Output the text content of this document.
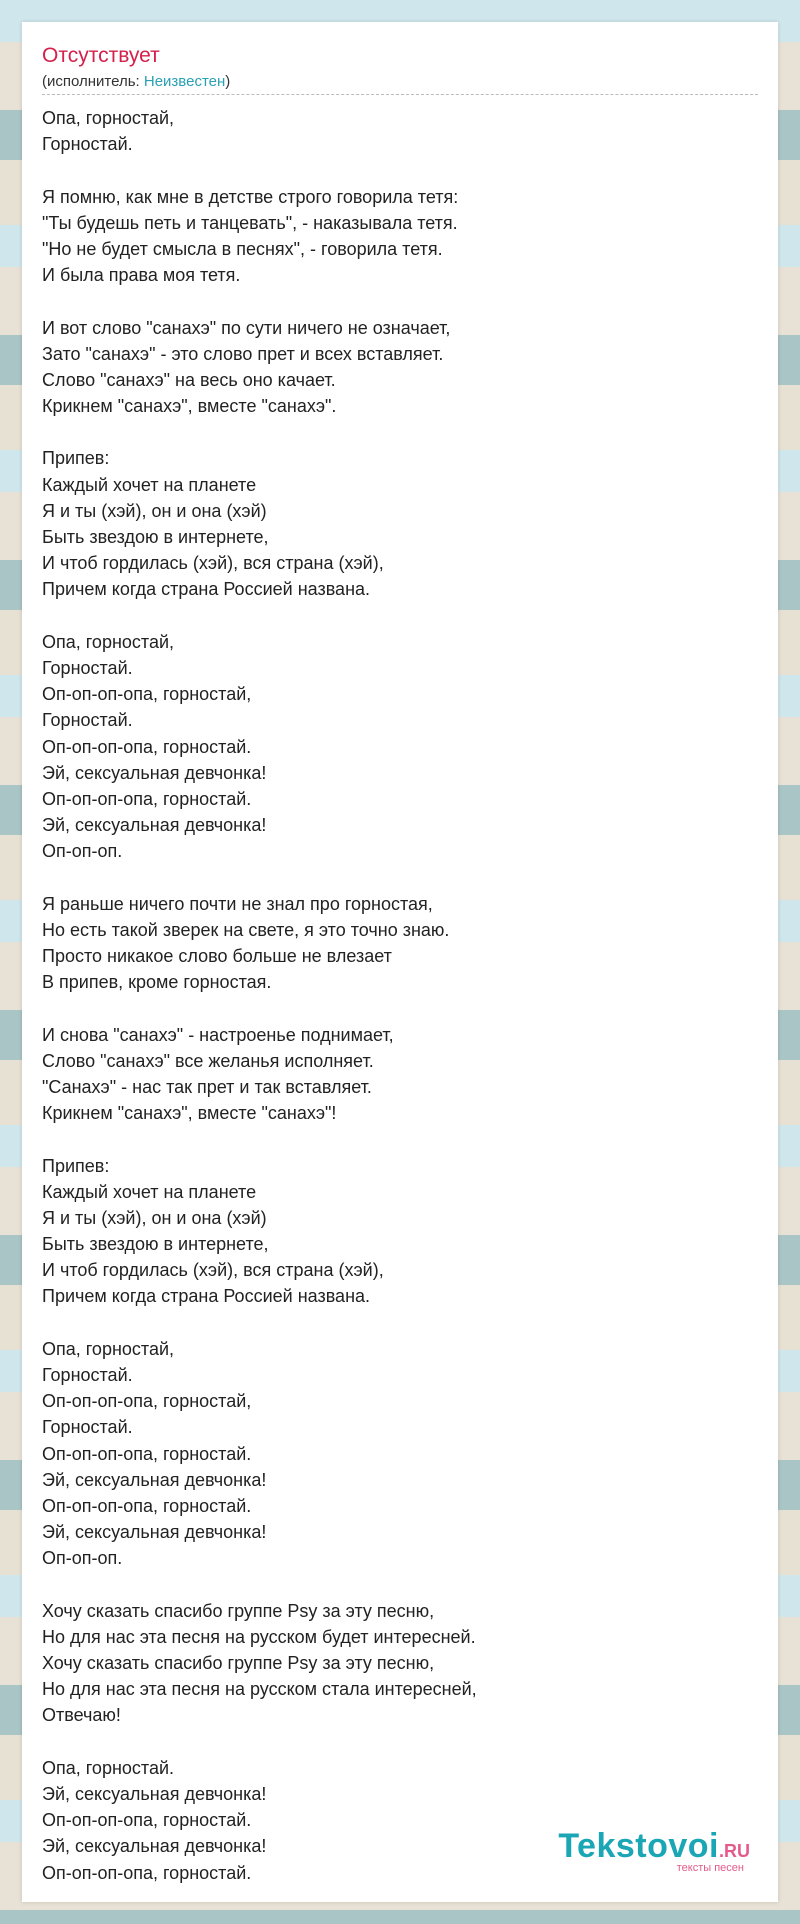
Отсутствует
(исполнитель: Неизвестен)
Опа, горностай,
Горностай.
Я помню, как мне в детстве строго говорила тетя:
"Ты будешь петь и танцевать", - наказывала тетя.
"Но не будет смысла в песнях", - говорила тетя.
И была права моя тетя.
И вот слово "санахэ" по сути ничего не означает,
Зато "санахэ" - это слово прет и всех вставляет.
Слово "санахэ" на весь оно качает.
Крикнем "санахэ", вместе "санахэ".
Припев:
Каждый хочет на планете
Я и ты (хэй), он и она (хэй)
Быть звездою в интернете,
И чтоб гордилась (хэй), вся страна (хэй),
Причем когда страна Россией названа.
Опа, горностай,
Горностай.
Оп-оп-оп-опа, горностай,
Горностай.
Оп-оп-оп-опа, горностай.
Эй, сексуальная девчонка!
Оп-оп-оп-опа, горностай.
Эй, сексуальная девчонка!
Оп-оп-оп.
Я раньше ничего почти не знал про горностая,
Но есть такой зверек на свете, я это точно знаю.
Просто никакое слово больше не влезает
В припев, кроме горностая.
И снова "санахэ" - настроенье поднимает,
Слово "санахэ" все желанья исполняет.
"Санахэ" - нас так прет и так вставляет.
Крикнем "санахэ", вместе "санахэ"!
Припев:
Каждый хочет на планете
Я и ты (хэй), он и она (хэй)
Быть звездою в интернете,
И чтоб гордилась (хэй), вся страна (хэй),
Причем когда страна Россией названа.
Опа, горностай,
Горностай.
Оп-оп-оп-опа, горностай,
Горностай.
Оп-оп-оп-опа, горностай.
Эй, сексуальная девчонка!
Оп-оп-оп-опа, горностай.
Эй, сексуальная девчонка!
Оп-оп-оп.
Хочу сказать спасибо группе Psy за эту песню,
Но для нас эта песня на русском будет интересней.
Хочу сказать спасибо группе Psy за эту песню,
Но для нас эта песня на русском стала интересней,
Отвечаю!
Опа, горностай.
Эй, сексуальная девчонка!
Оп-оп-оп-опа, горностай.
Эй, сексуальная девчонка!
Оп-оп-оп-опа, горностай.
Tekstovoi.RU
тексты песен
